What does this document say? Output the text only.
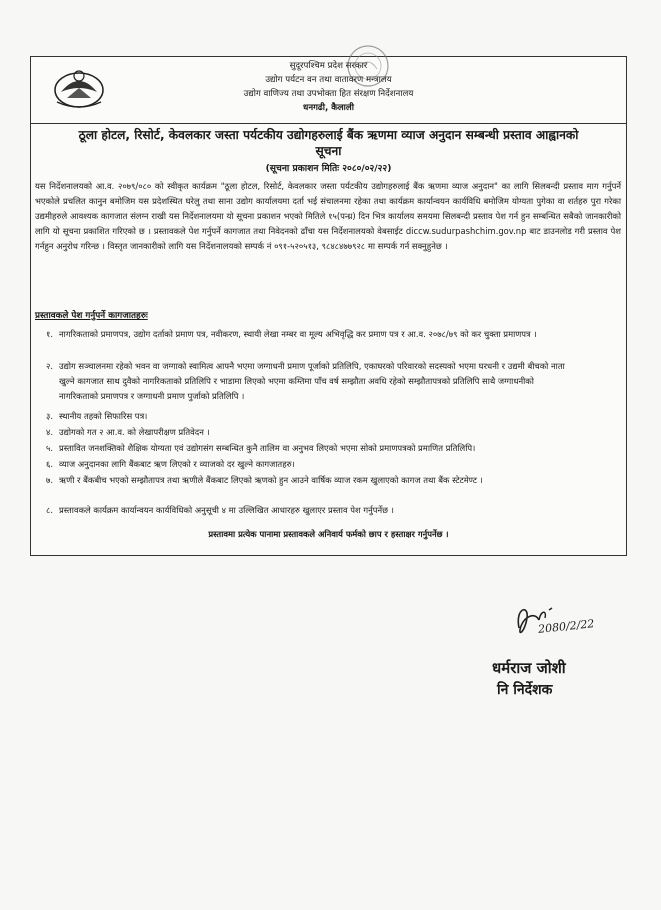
सुदूरपश्चिम प्रदेश सरकार
उद्योग पर्यटन वन तथा वातावरण मन्त्रालय
उद्योग वाणिज्य तथा उपभोक्ता हित संरक्षण निर्देशनालय
धनगढी, कैलाली
ठूला होटल, रिसोर्ट, केवलकार जस्ता पर्यटकीय उद्योगहरुलाई बैंक ऋणमा व्याज अनुदान सम्बन्धी प्रस्ताव आह्वानको
सूचना
(सूचना प्रकाशन मितिः २०८०/०२/२२)
यस निर्देशनालयको आ.व. २०७९/०८० को स्वीकृत कार्यक्रम "ठूला होटल, रिसोर्ट, केवलकार जस्ता पर्यटकीय उद्योगहरुलाई बैंक ऋणमा व्याज अनुदान" का लागि सिलबन्दी प्रस्ताव माग गर्नुपर्ने भएकोले प्रचलित कानुन बमोजिम यस प्रदेशस्थित घरेलु तथा साना उद्योग कार्यालयमा दर्ता भई संचालनमा रहेका तथा कार्यक्रम कार्यान्वयन कार्यविधि बमोजिम योग्यता पुगेका वा शर्तहरु पुरा गरेका उद्यमीहरुले आवश्यक कागजात संलग्न राखी यस निर्देशनालयमा यो सूचना प्रकाशन भएको मितिले १५(पन्ध्र) दिन भित्र कार्यालय समयमा सिलबन्दी प्रस्ताव पेश गर्न हुन सम्बन्धित सबैको जानकारीको लागि यो सूचना प्रकाशित गरिएको छ । प्रस्तावकले पेश गर्नुपर्ने कागजात तथा निवेदनको ढाँचा यस निर्देशनालयको वेबसाईट diccw.sudurpashchim.gov.np बाट डाउनलोड गरी प्रस्ताव पेश गर्नहुन अनुरोध गरिन्छ । विस्तृत जानकारीको लागि यस निर्देशनालयको सम्पर्क नं ०९१-५२०५१३, ९८४८४७७९२८ मा सम्पर्क गर्न सक्नुहुनेछ ।
प्रस्तावकले पेश गर्नुपर्ने कागजातहरुः
१. नागरिकताको प्रमाणपत्र, उद्योग दर्ताको प्रमाण पत्र, नवीकरण, स्थायी लेखा नम्बर वा मूल्य अभिवृद्धि कर प्रमाण पत्र र आ.व. २०७८/७९ को कर चुक्ता प्रमाणपत्र ।
२. उद्योग सञ्चालनमा रहेको भवन वा जग्गाको स्वामित्व आफ्नै भएमा जग्गाधनी प्रमाण पूर्जाको प्रतिलिपि, एकाघरको परिवारको सदस्यको भएमा घरधनी र उद्यमी बीचको नाता खुल्ने कागजात साथ दुवैको नागरिकताको प्रतिलिपि र भाडामा लिएको भएमा कम्तिमा पाँच वर्ष सम्झौता अवधि रहेको सम्झौतापत्रको प्रतिलिपि साथै जग्गाधनीको नागरिकताको प्रमाणपत्र र जग्गाधनी प्रमाण पुर्जाको प्रतिलिपि ।
३. स्थानीय तहको सिफारिस पत्र।
४. उद्योगको गत २ आ.व. को लेखापरीक्षण प्रतिवेदन ।
५. प्रस्तावित जनशक्तिको शैक्षिक योग्यता एवं उद्योगसंग सम्बन्धित कुनै तालिम वा अनुभव लिएको भएमा सोको प्रमाणपत्रको प्रमाणित प्रतिलिपि।
६. व्याज अनुदानका लागि बैंकबाट ऋण लिएको र व्याजको दर खुल्ने कागजातहरु।
७. ऋणी र बैंकबीच भएको सम्झौतापत्र तथा ऋणीले बैंकबाट लिएको ऋणको हुन आउने वार्षिक व्याज रकम खुलाएको कागज तथा बैंक स्टेटमेण्ट ।
८. प्रस्तावकले कार्यक्रम कार्यान्वयन कार्यविधिको अनुसूची ४ मा उल्लिखित आधारहरु खुलाएर प्रस्ताव पेश गर्नुपर्नेछ ।
प्रस्तावमा प्रत्येक पानामा प्रस्तावकले अनिवार्य फर्मको छाप र हस्ताक्षर गर्नुपर्नेछ ।
2080/2/22
धर्मराज जोशी
नि निर्देशक
